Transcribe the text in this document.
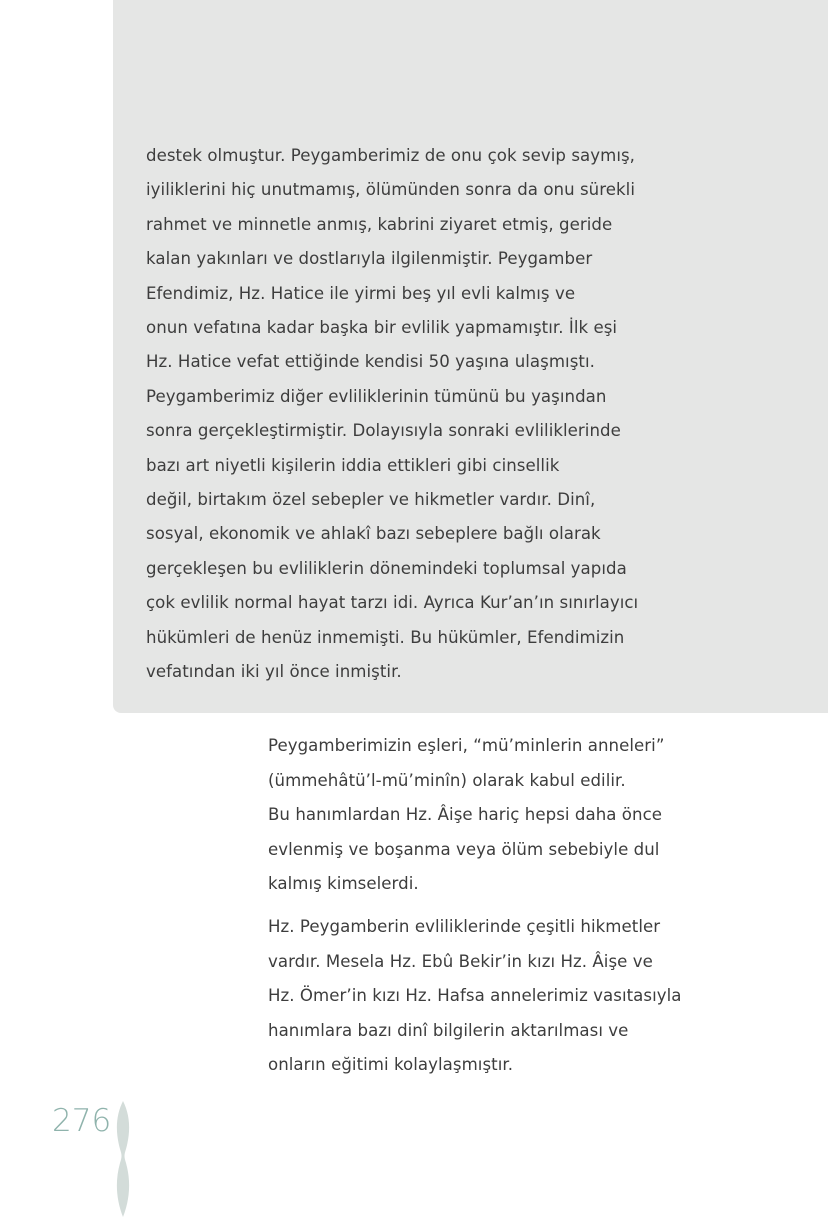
destek olmuştur. Peygamberimiz de onu çok sevip saymış,
iyiliklerini hiç unutmamış, ölümünden sonra da onu sürekli
rahmet ve minnetle anmış, kabrini ziyaret etmiş, geride
kalan yakınları ve dostlarıyla ilgilenmiştir. Peygamber
Efendimiz, Hz. Hatice ile yirmi beş yıl evli kalmış ve
onun vefatına kadar başka bir evlilik yapmamıştır. İlk eşi
Hz. Hatice vefat ettiğinde kendisi 50 yaşına ulaşmıştı.
Peygamberimiz diğer evliliklerinin tümünü bu yaşından
sonra gerçekleştirmiştir. Dolayısıyla sonraki evliliklerinde
bazı art niyetli kişilerin iddia ettikleri gibi cinsellik
değil, birtakım özel sebepler ve hikmetler vardır. Dinî,
sosyal, ekonomik ve ahlakî bazı sebeplere bağlı olarak
gerçekleşen bu evliliklerin dönemindeki toplumsal yapıda
çok evlilik normal hayat tarzı idi. Ayrıca Kur’an’ın sınırlayıcı
hükümleri de henüz inmemişti. Bu hükümler, Efendimizin
vefatından iki yıl önce inmiştir.
Peygamberimizin eşleri, “mü’minlerin anneleri”
(ümmehâtü’l-mü’minîn) olarak kabul edilir.
Bu hanımlardan Hz. Âişe hariç hepsi daha önce
evlenmiş ve boşanma veya ölüm sebebiyle dul
kalmış kimselerdi.
Hz. Peygamberin evliliklerinde çeşitli hikmetler
vardır. Mesela Hz. Ebû Bekir’in kızı Hz. Âişe ve
Hz. Ömer’in kızı Hz. Hafsa annelerimiz vasıtasıyla
hanımlara bazı dinî bilgilerin aktarılması ve
onların eğitimi kolaylaşmıştır.
276
